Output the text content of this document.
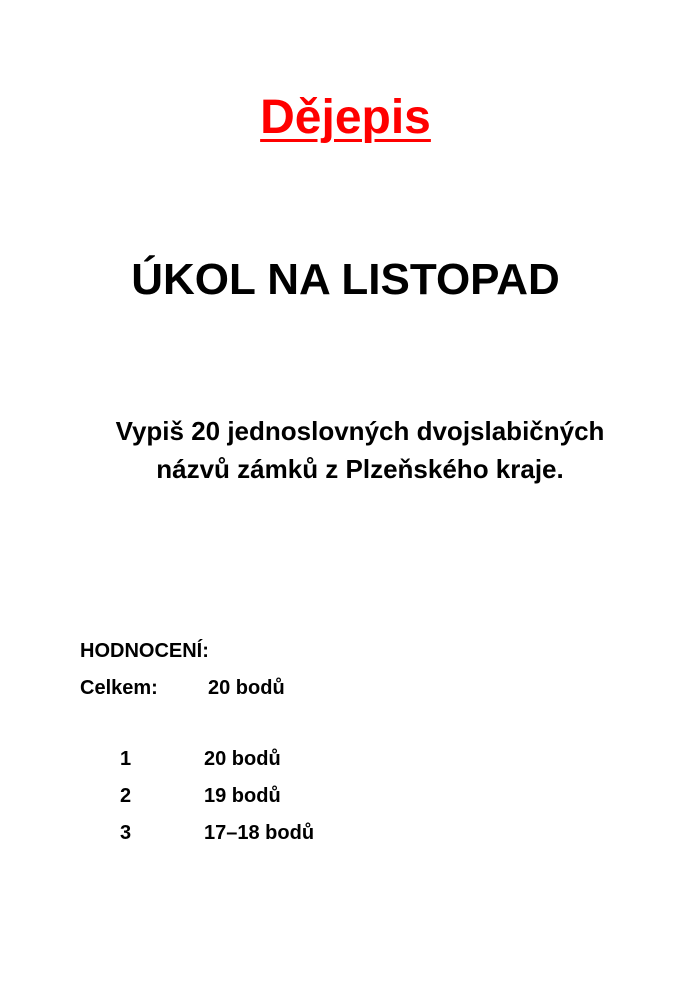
Dějepis
ÚKOL NA LISTOPAD
Vypiš 20 jednoslovných dvojslabičných
názvů zámků z Plzeňského kraje.
HODNOCENÍ:
Celkem:	20 bodů
1	20 bodů
2	19 bodů
3	17–18 bodů
